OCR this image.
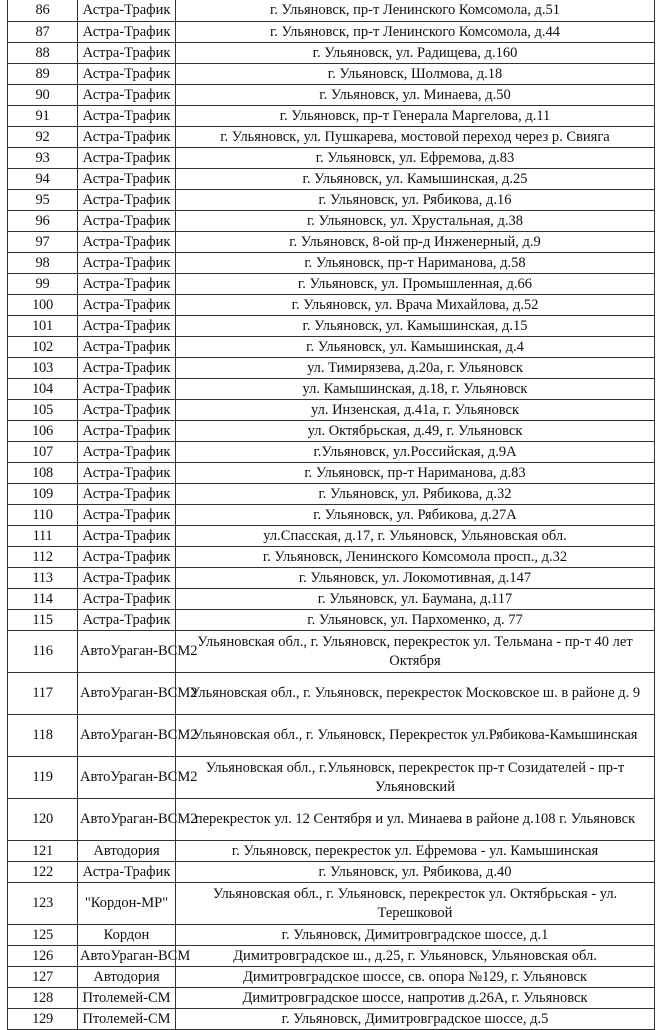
86	Астра-Трафик	г. Ульяновск, пр-т Ленинского Комсомола, д.51
87	Астра-Трафик	г. Ульяновск, пр-т Ленинского Комсомола, д.44
88	Астра-Трафик	г. Ульяновск, ул. Радищева, д.160
89	Астра-Трафик	г. Ульяновск, Шолмова, д.18
90	Астра-Трафик	г. Ульяновск, ул. Минаева, д.50
91	Астра-Трафик	г. Ульяновск, пр-т Генерала Маргелова, д.11
92	Астра-Трафик	г. Ульяновск, ул. Пушкарева, мостовой переход через р. Свияга
93	Астра-Трафик	г. Ульяновск, ул. Ефремова, д.83
94	Астра-Трафик	г. Ульяновск, ул. Камышинская, д.25
95	Астра-Трафик	г. Ульяновск, ул. Рябикова, д.16
96	Астра-Трафик	г. Ульяновск, ул. Хрустальная, д.38
97	Астра-Трафик	г. Ульяновск, 8-ой пр-д Инженерный, д.9
98	Астра-Трафик	г. Ульяновск, пр-т Нариманова, д.58
99	Астра-Трафик	г. Ульяновск, ул. Промышленная, д.66
100	Астра-Трафик	г. Ульяновск, ул. Врача Михайлова, д.52
101	Астра-Трафик	г. Ульяновск, ул. Камышинская, д.15
102	Астра-Трафик	г. Ульяновск, ул. Камышинская, д.4
103	Астра-Трафик	ул. Тимирязева, д.20а, г. Ульяновск
104	Астра-Трафик	ул. Камышинская, д.18, г. Ульяновск
105	Астра-Трафик	ул. Инзенская, д.41а, г. Ульяновск
106	Астра-Трафик	ул. Октябрьская, д.49, г. Ульяновск
107	Астра-Трафик	г.Ульяновск, ул.Российская, д.9А
108	Астра-Трафик	г. Ульяновск, пр-т Нариманова, д.83
109	Астра-Трафик	г. Ульяновск, ул. Рябикова, д.32
110	Астра-Трафик	г. Ульяновск, ул. Рябикова, д.27А
111	Астра-Трафик	ул.Спасская, д.17, г. Ульяновск, Ульяновская обл.
112	Астра-Трафик	г. Ульяновск, Ленинского Комсомола просп., д.32
113	Астра-Трафик	г. Ульяновск, ул. Локомотивная, д.147
114	Астра-Трафик	г. Ульяновск, ул. Баумана, д.117
115	Астра-Трафик	г. Ульяновск, ул. Пархоменко, д. 77
116	АвтоУраган-ВСМ2	Ульяновская обл., г. Ульяновск, перекресток ул. Тельмана - пр-т 40 лет Октября
117	АвтоУраган-ВСМ2	Ульяновская обл., г. Ульяновск, перекресток Московское ш. в районе д. 9
118	АвтоУраган-ВСМ2	Ульяновская обл., г. Ульяновск, Перекресток ул.Рябикова-Камышинская
119	АвтоУраган-ВСМ2	Ульяновская обл., г.Ульяновск, перекресток пр-т Созидателей - пр-т Ульяновский
120	АвтоУраган-ВСМ2	перекресток ул. 12 Сентября и ул. Минаева в районе д.108 г. Ульяновск
121	Автодория	г. Ульяновск, перекресток ул. Ефремова - ул. Камышинская
122	Астра-Трафик	г. Ульяновск, ул. Рябикова, д.40
123	"Кордон-МР"	Ульяновская обл., г. Ульяновск, перекресток ул. Октябрьская - ул. Терешковой
125	Кордон	г. Ульяновск, Димитровградское шоссе, д.1
126	АвтоУраган-ВСМ	Димитровградское ш., д.25, г. Ульяновск, Ульяновская обл.
127	Автодория	Димитровградское шоссе, св. опора №129, г. Ульяновск
128	Птолемей-СМ	Димитровградское шоссе, напротив д.26А, г. Ульяновск
129	Птолемей-СМ	г. Ульяновск, Димитровградское шоссе, д.5
